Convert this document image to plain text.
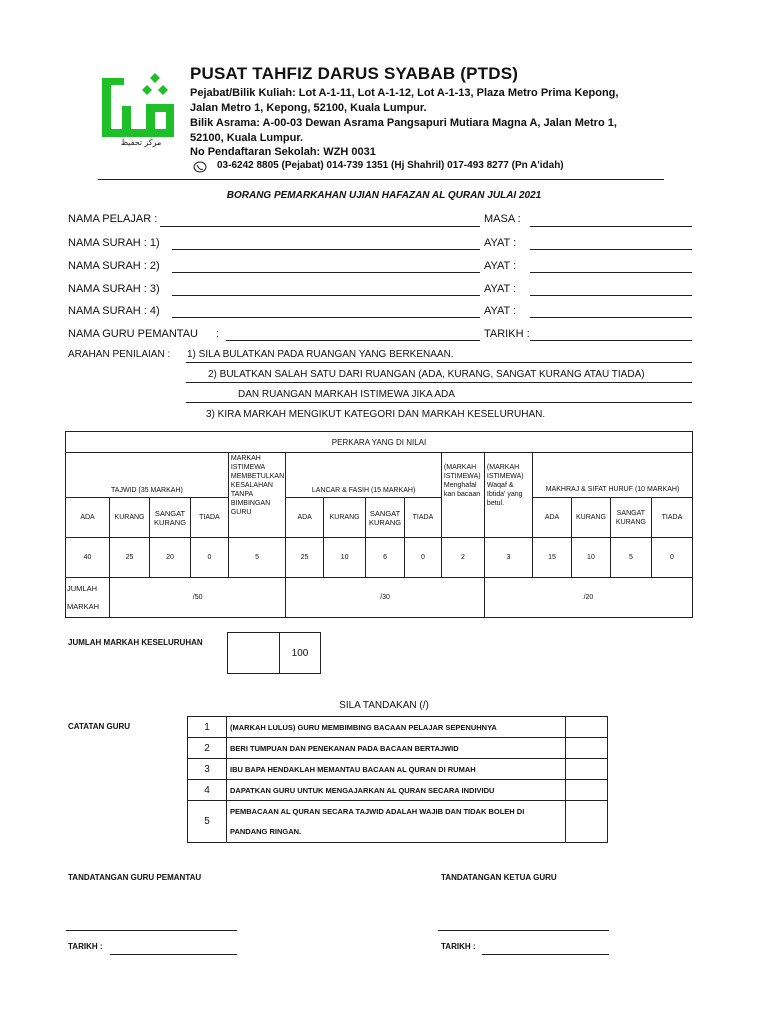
ﻣﺮﻛﺰ ﺗﺤﻔﻴﻆ
PUSAT TAHFIZ DARUS SYABAB (PTDS)
Pejabat/Bilik Kuliah: Lot A-1-11, Lot A-1-12, Lot A-1-13, Plaza Metro Prima Kepong,
Jalan Metro 1, Kepong, 52100, Kuala Lumpur.
Bilik Asrama: A-00-03 Dewan Asrama Pangsapuri Mutiara Magna A, Jalan Metro 1,
52100, Kuala Lumpur.
No Pendaftaran Sekolah: WZH 0031
03-6242 8805 (Pejabat) 014-739 1351 (Hj Shahril) 017-493 8277 (Pn A'idah)
BORANG PEMARKAHAN UJIAN HAFAZAN AL QURAN JULAI 2021
NAMA PELAJAR :	MASA :
NAMA SURAH : 1)	AYAT :
NAMA SURAH : 2)	AYAT :
NAMA SURAH : 3)	AYAT :
NAMA SURAH : 4)	AYAT :
NAMA GURU PEMANTAU :	TARIKH :
ARAHAN PENILAIAN : 1) SILA BULATKAN PADA RUANGAN YANG BERKENAAN.
2) BULATKAN SALAH SATU DARI RUANGAN (ADA, KURANG, SANGAT KURANG ATAU TIADA)
DAN RUANGAN MARKAH ISTIMEWA JIKA ADA
3) KIRA MARKAH MENGIKUT KATEGORI DAN MARKAH KESELURUHAN.
PERKARA YANG DI NILAI														
TAJWID (35 MARKAH)				MARKAH ISTIMEWA MEMBETULKAN KESALAHAN TANPA BIMBINGAN GURU	LANCAR & FASIH (15 MARKAH)				(MARKAH ISTIMEWA) Menghafal kan bacaan	(MARKAH ISTIMEWA) Waqaf & Ibtida' yang betul.	MAKHRAJ & SIFAT HURUF (10 MARKAH)			
ADA	KURANG	SANGAT KURANG	TIADA		ADA	KURANG	SANGAT KURANG	TIADA			ADA	KURANG	SANGAT KURANG	TIADA
40	25	20	0	5	25	10	6	0	2	3	15	10	5	0
JUMLAH MARKAH	/50				/30					/20				
JUMLAH MARKAH KESELURUHAN
	100
SILA TANDAKAN (/)
CATATAN GURU	1	(MARKAH LULUS) GURU MEMBIMBING BACAAN PELAJAR SEPENUHNYA	
2	BERI TUMPUAN DAN PENEKANAN PADA BACAAN BERTAJWID	
3	IBU BAPA HENDAKLAH MEMANTAU BACAAN AL QURAN DI RUMAH	
4	DAPATKAN GURU UNTUK MENGAJARKAN AL QURAN SECARA INDIVIDU	
5	PEMBACAAN AL QURAN SECARA TAJWID ADALAH WAJIB DAN TIDAK BOLEH DI PANDANG RINGAN.	
TANDATANGAN GURU PEMANTAU	TANDATANGAN KETUA GURU
TARIKH :	TARIKH :
